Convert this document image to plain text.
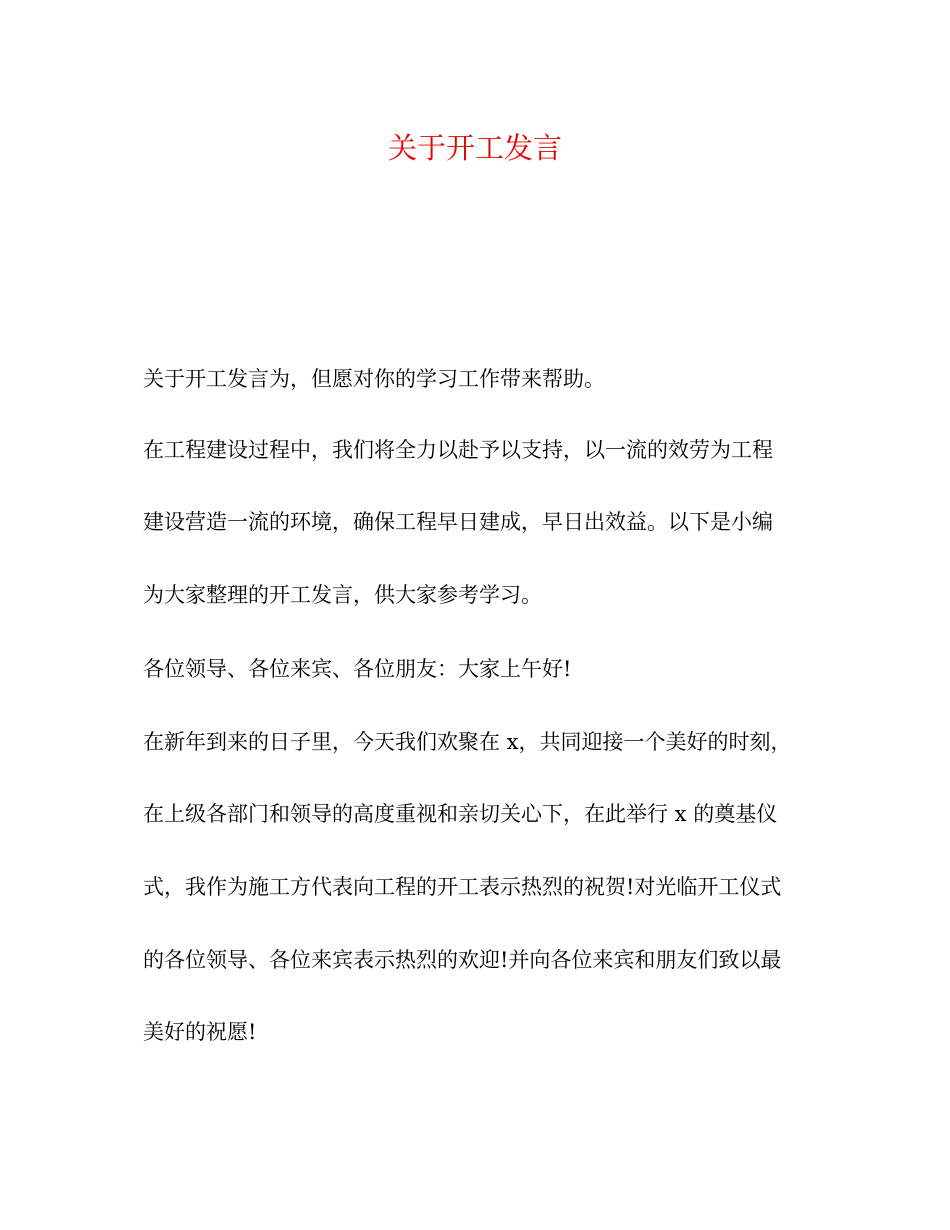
关于开工发言

关于开工发言为，但愿对你的学习工作带来帮助。

在工程建设过程中，我们将全力以赴予以支持，以一流的效劳为工程

建设营造一流的环境，确保工程早日建成，早日出效益。以下是小编

为大家整理的开工发言，供大家参考学习。

各位领导、各位来宾、各位朋友：大家上午好!

在新年到来的日子里，今天我们欢聚在 x，共同迎接一个美好的时刻，

在上级各部门和领导的高度重视和亲切关心下，在此举行 x 的奠基仪

式，我作为施工方代表向工程的开工表示热烈的祝贺!对光临开工仪式

的各位领导、各位来宾表示热烈的欢迎!并向各位来宾和朋友们致以最

美好的祝愿!
